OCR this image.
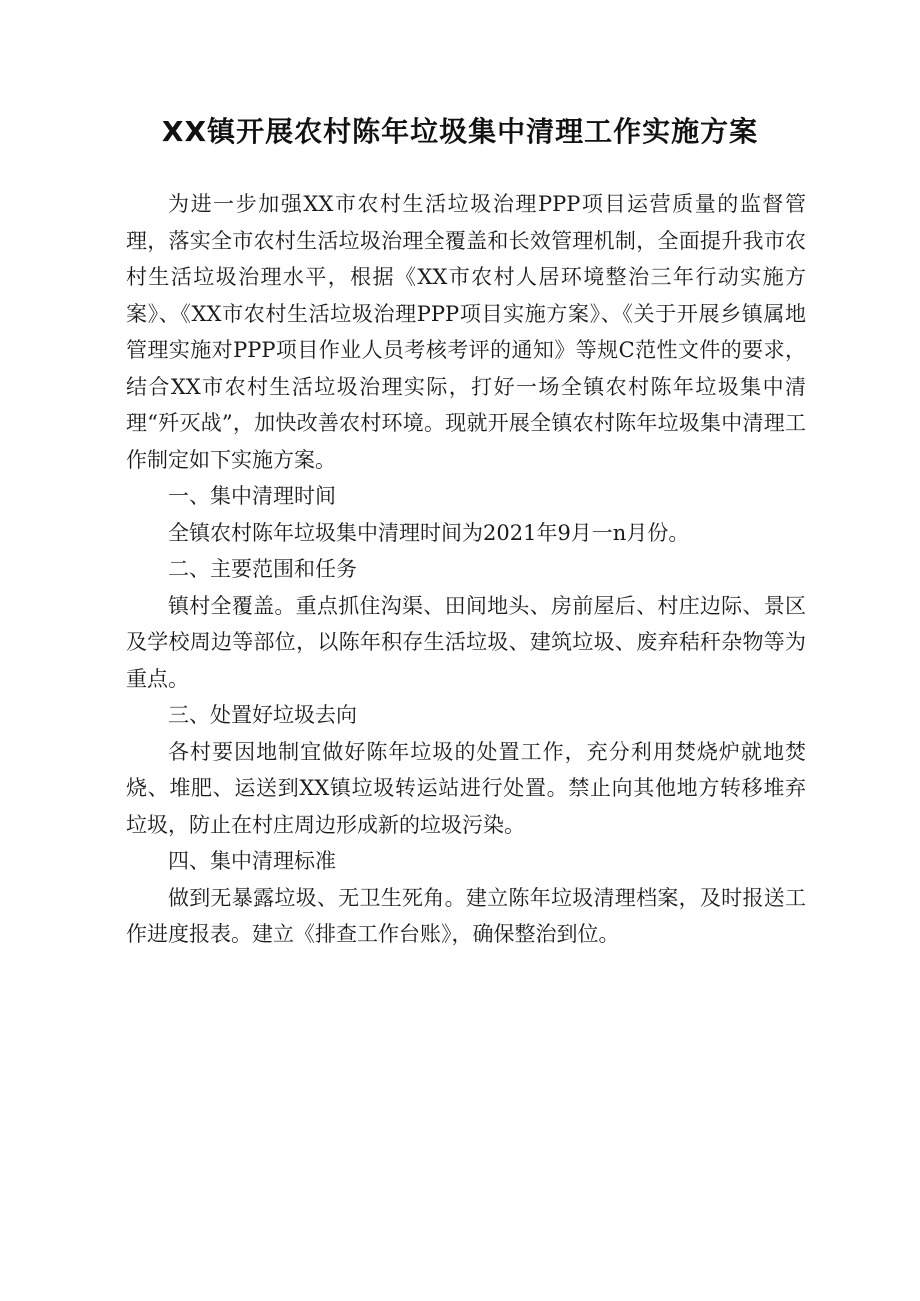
XX镇开展农村陈年垃圾集中清理工作实施方案

为进一步加强XX市农村生活垃圾治理PPP项目运营质量的监督管理，落实全市农村生活垃圾治理全覆盖和长效管理机制，全面提升我市农村生活垃圾治理水平，根据《XX市农村人居环境整治三年行动实施方案》、《XX市农村生活垃圾治理PPP项目实施方案》、《关于开展乡镇属地管理实施对PPP项目作业人员考核考评的通知》等规C范性文件的要求，结合XX市农村生活垃圾治理实际，打好一场全镇农村陈年垃圾集中清理“歼灭战”，加快改善农村环境。现就开展全镇农村陈年垃圾集中清理工作制定如下实施方案。

一、集中清理时间

全镇农村陈年垃圾集中清理时间为2021年9月一n月份。

二、主要范围和任务

镇村全覆盖。重点抓住沟渠、田间地头、房前屋后、村庄边际、景区及学校周边等部位，以陈年积存生活垃圾、建筑垃圾、废弃秸秆杂物等为重点。

三、处置好垃圾去向

各村要因地制宜做好陈年垃圾的处置工作，充分利用焚烧炉就地焚烧、堆肥、运送到XX镇垃圾转运站进行处置。禁止向其他地方转移堆弃垃圾，防止在村庄周边形成新的垃圾污染。

四、集中清理标准

做到无暴露垃圾、无卫生死角。建立陈年垃圾清理档案，及时报送工作进度报表。建立《排查工作台账》，确保整治到位。
